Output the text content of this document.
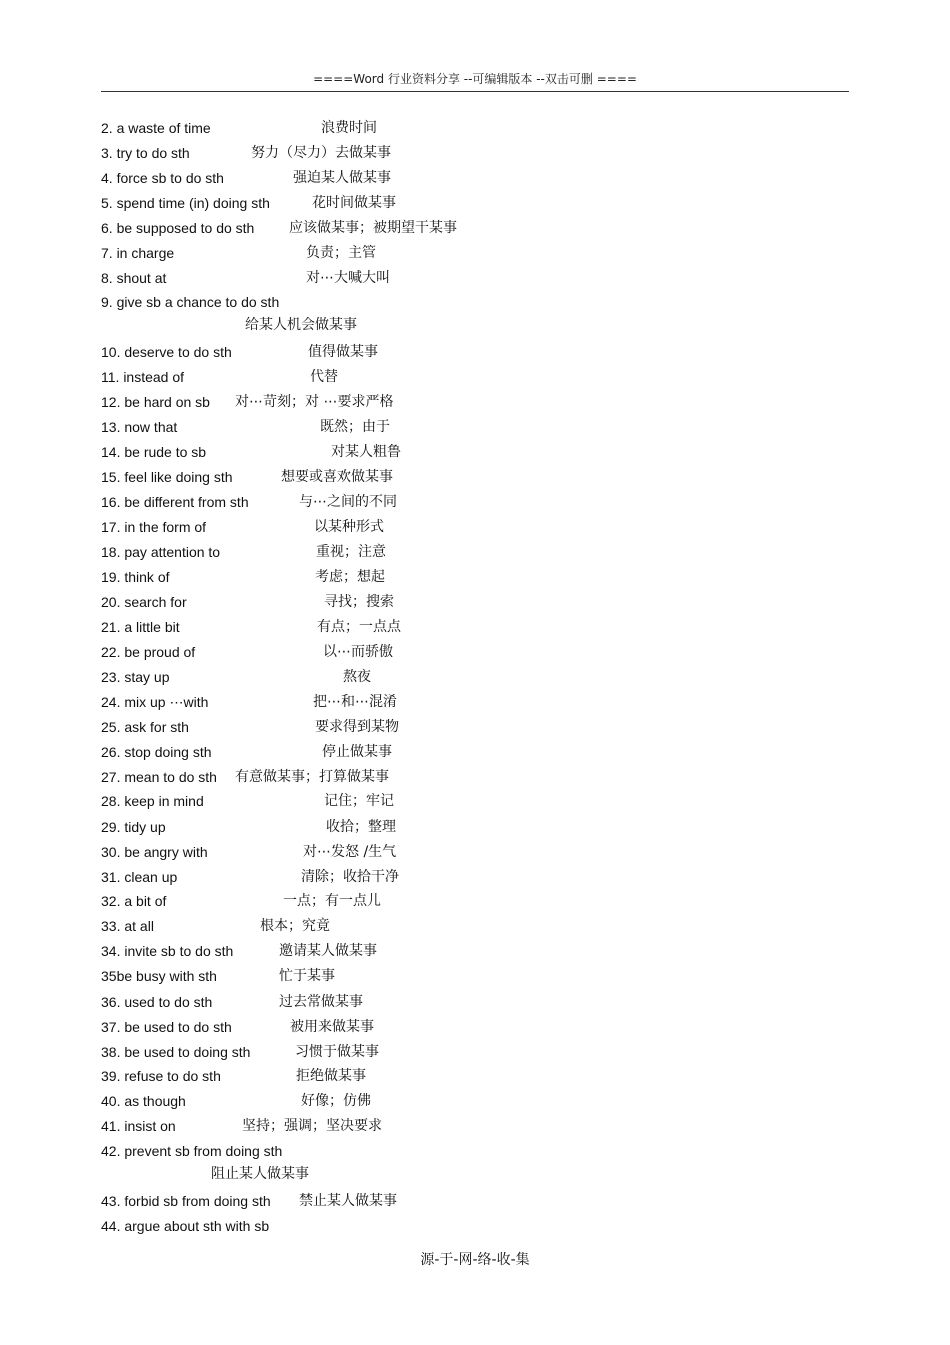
====Word 行业资料分享 --可编辑版本 --双击可删 ====
2. a waste of time	浪费时间
3. try to do sth	努力（尽力）去做某事
4. force sb to do sth	强迫某人做某事
5. spend time (in) doing sth	花时间做某事
6. be supposed to do sth 应该做某事；被期望干某事
7. in charge	负责；主管
8. shout at	对⋯大喊大叫
9. give sb a chance to do sth
给某人机会做某事
10. deserve to do sth	值得做某事
11. instead of	代替
12. be hard on sb 对⋯苛刻；对 ⋯要求严格
13. now that	既然；由于
14. be rude to sb	对某人粗鲁
15. feel like doing sth	想要或喜欢做某事
16. be different from sth	与⋯之间的不同
17. in the form of	以某种形式
18. pay attention to	重视；注意
19. think of	考虑；想起
20. search for	寻找；搜索
21. a little bit	有点；一点点
22. be proud of	以⋯而骄傲
23. stay up	熬夜
24. mix up ⋯with	把⋯和⋯混淆
25. ask for sth	要求得到某物
26. stop doing sth	停止做某事
27. mean to do sth 有意做某事；打算做某事
28. keep in mind	记住；牢记
29. tidy up	收拾；整理
30. be angry with	对⋯发怒 /生气
31. clean up	清除；收拾干净
32. a bit of	一点；有一点儿
33. at all	根本；究竟
34. invite sb to do sth	邀请某人做某事
35be busy with sth	忙于某事
36. used to do sth	过去常做某事
37. be used to do sth	被用来做某事
38. be used to doing sth	习惯于做某事
39. refuse to do sth	拒绝做某事
40. as though	好像；仿佛
41. insist on	坚持；强调；坚决要求
42. prevent sb from doing sth
阻止某人做某事
43. forbid sb from doing sth 禁止某人做某事
44. argue about sth with sb
源-于-网-络-收-集
